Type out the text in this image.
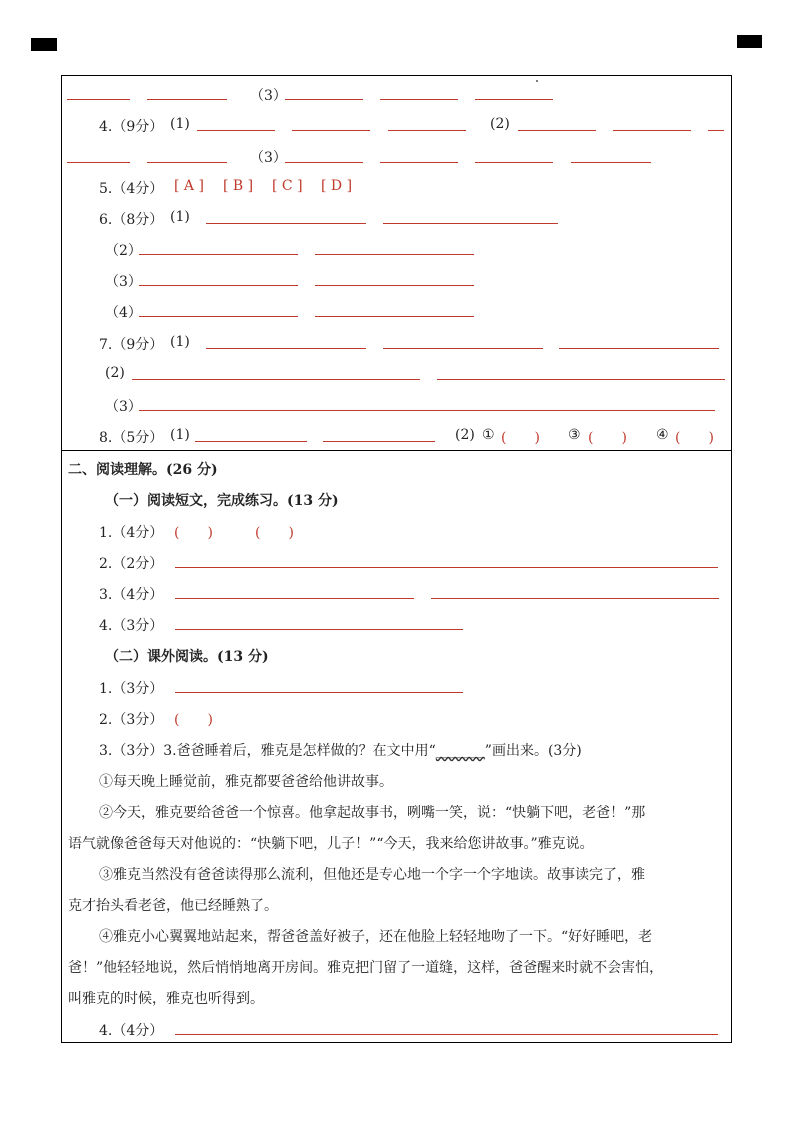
（3）
4.（9分） (1)	(2)
（3）
5.（4分） [ A ] [ B ] [ C ] [ D ]
6.（8分） (1)
（2）
（3）
（4）
7.（9分） (1)
(2)
（3）
8.（5分） (1)	(2) ① (　　) ③ (　　) ④ (　　)
二、阅读理解。(26 分)
（一）阅读短文，完成练习。(13 分)
1.（4分） (　　)	(　　)
2.（2分）
3.（4分）
4.（3分）
（二）课外阅读。(13 分)
1.（3分）
2.（3分） (　　)
3.（3分）3.爸爸睡着后，雅克是怎样做的？在文中用“_______”画出来。(3分)
①每天晚上睡觉前，雅克都要爸爸给他讲故事。
②今天，雅克要给爸爸一个惊喜。他拿起故事书，咧嘴一笑，说：“快躺下吧，老爸！”那
语气就像爸爸每天对他说的：“快躺下吧，儿子！”“今天，我来给您讲故事。”雅克说。
③雅克当然没有爸爸读得那么流利，但他还是专心地一个字一个字地读。故事读完了，雅
克才抬头看老爸，他已经睡熟了。
④雅克小心翼翼地站起来，帮爸爸盖好被子，还在他脸上轻轻地吻了一下。“好好睡吧，老
爸！”他轻轻地说，然后悄悄地离开房间。雅克把门留了一道缝，这样，爸爸醒来时就不会害怕，
叫雅克的时候，雅克也听得到。
4.（4分）
